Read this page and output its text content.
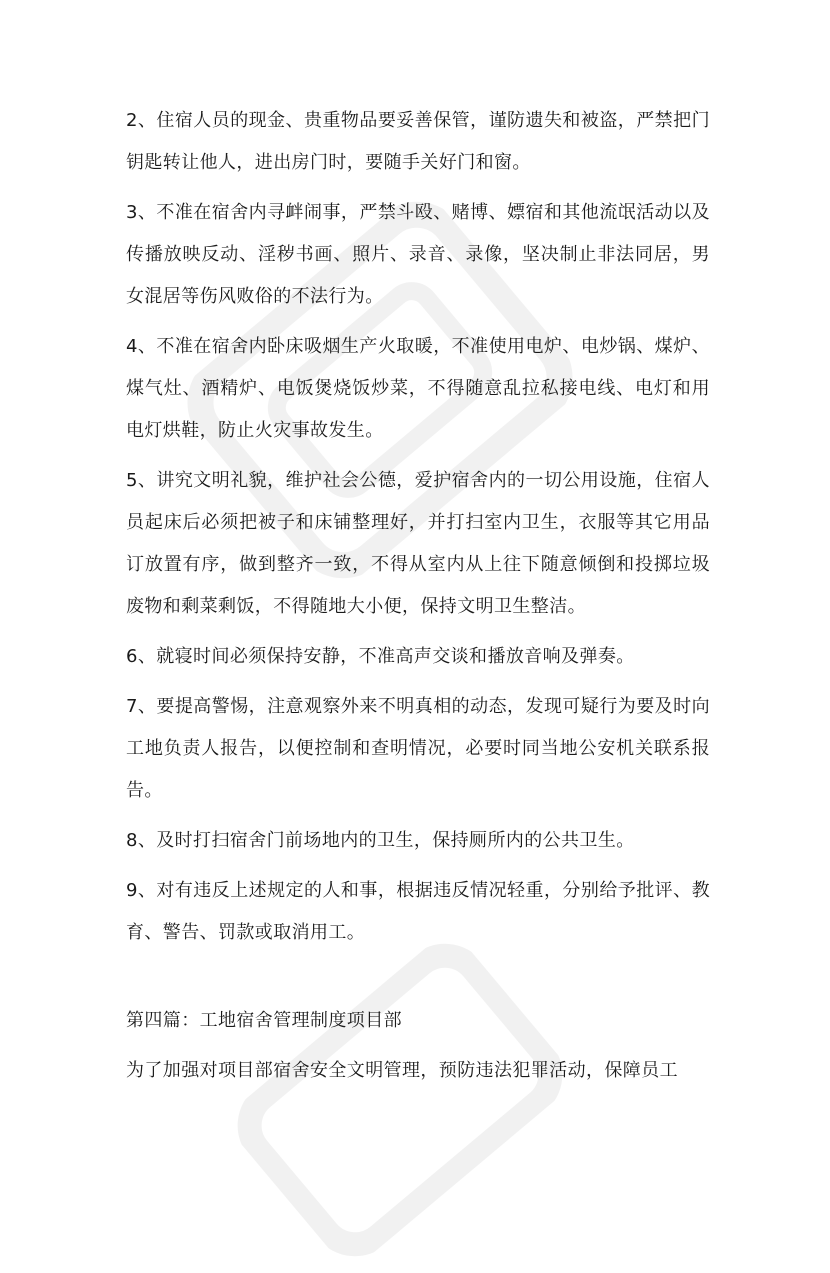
2、住宿人员的现金、贵重物品要妥善保管，谨防遗失和被盗，严禁把门钥匙转让他人，进出房门时，要随手关好门和窗。

3、不准在宿舍内寻衅闹事，严禁斗殴、赌博、嫖宿和其他流氓活动以及传播放映反动、淫秽书画、照片、录音、录像，坚决制止非法同居，男女混居等伤风败俗的不法行为。

4、不准在宿舍内卧床吸烟生产火取暖，不准使用电炉、电炒锅、煤炉、煤气灶、酒精炉、电饭煲烧饭炒菜，不得随意乱拉私接电线、电灯和用电灯烘鞋，防止火灾事故发生。

5、讲究文明礼貌，维护社会公德，爱护宿舍内的一切公用设施，住宿人员起床后必须把被子和床铺整理好，并打扫室内卫生，衣服等其它用品订放置有序，做到整齐一致，不得从室内从上往下随意倾倒和投掷垃圾废物和剩菜剩饭，不得随地大小便，保持文明卫生整洁。

6、就寝时间必须保持安静，不准高声交谈和播放音响及弹奏。

7、要提高警惕，注意观察外来不明真相的动态，发现可疑行为要及时向工地负责人报告，以便控制和查明情况，必要时同当地公安机关联系报告。

8、及时打扫宿舍门前场地内的卫生，保持厕所内的公共卫生。

9、对有违反上述规定的人和事，根据违反情况轻重，分别给予批评、教育、警告、罚款或取消用工。

第四篇：工地宿舍管理制度项目部

为了加强对项目部宿舍安全文明管理，预防违法犯罪活动，保障员工
